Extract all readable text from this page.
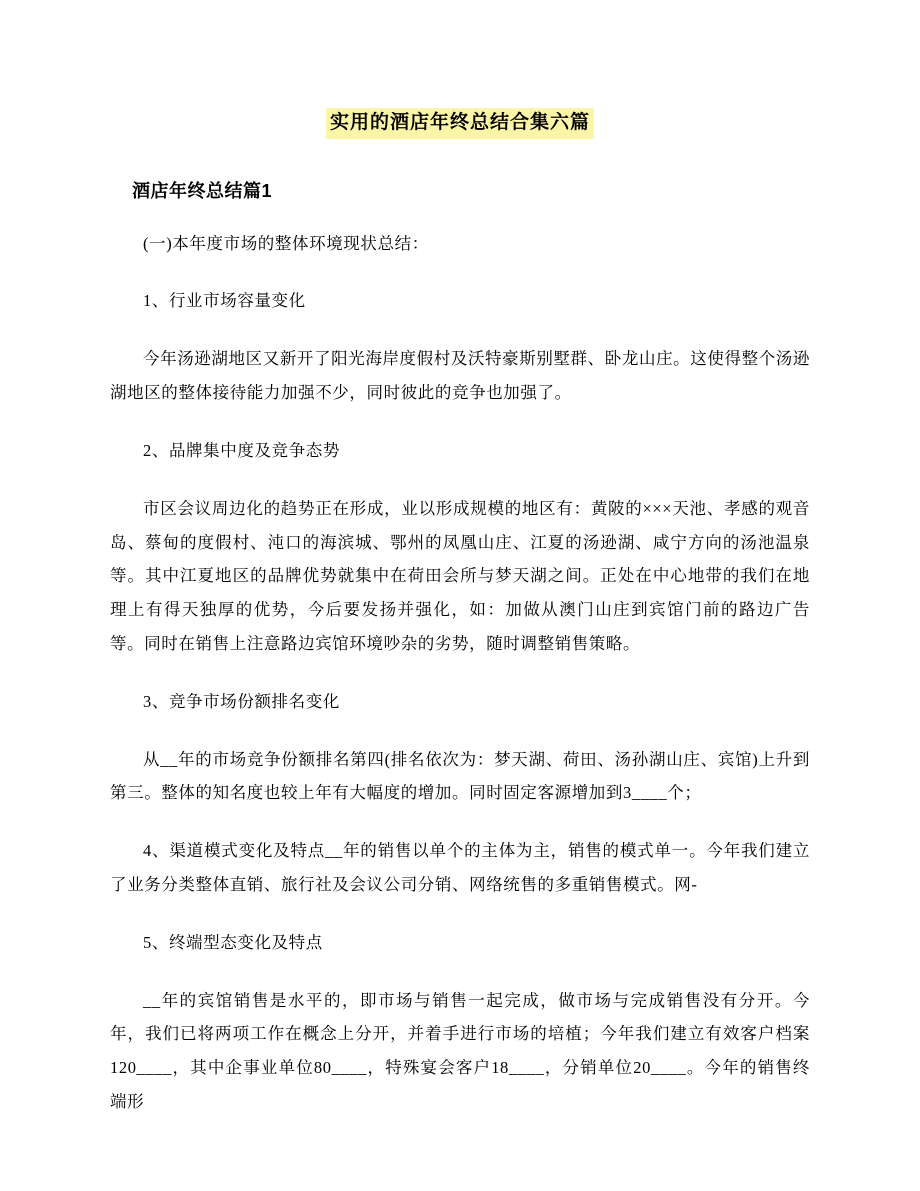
实用的酒店年终总结合集六篇
酒店年终总结篇1

(一)本年度市场的整体环境现状总结：

1、行业市场容量变化

今年汤逊湖地区又新开了阳光海岸度假村及沃特豪斯别墅群、卧龙山庄。这使得整个汤逊湖地区的整体接待能力加强不少，同时彼此的竞争也加强了。

2、品牌集中度及竞争态势

市区会议周边化的趋势正在形成，业以形成规模的地区有：黄陂的×××天池、孝感的观音岛、蔡甸的度假村、沌口的海滨城、鄂州的凤凰山庄、江夏的汤逊湖、咸宁方向的汤池温泉等。其中江夏地区的品牌优势就集中在荷田会所与梦天湖之间。正处在中心地带的我们在地理上有得天独厚的优势，今后要发扬并强化，如：加做从澳门山庄到宾馆门前的路边广告等。同时在销售上注意路边宾馆环境吵杂的劣势，随时调整销售策略。

3、竞争市场份额排名变化

从__年的市场竞争份额排名第四(排名依次为：梦天湖、荷田、汤孙湖山庄、宾馆)上升到第三。整体的知名度也较上年有大幅度的增加。同时固定客源增加到3____个；

4、渠道模式变化及特点__年的销售以单个的主体为主，销售的模式单一。今年我们建立了业务分类整体直销、旅行社及会议公司分销、网络统售的多重销售模式。网-

5、终端型态变化及特点

__年的宾馆销售是水平的，即市场与销售一起完成，做市场与完成销售没有分开。今年，我们已将两项工作在概念上分开，并着手进行市场的培植；今年我们建立有效客户档案120____，其中企事业单位80____，特殊宴会客户18____，分销单位20____。今年的销售终端形
